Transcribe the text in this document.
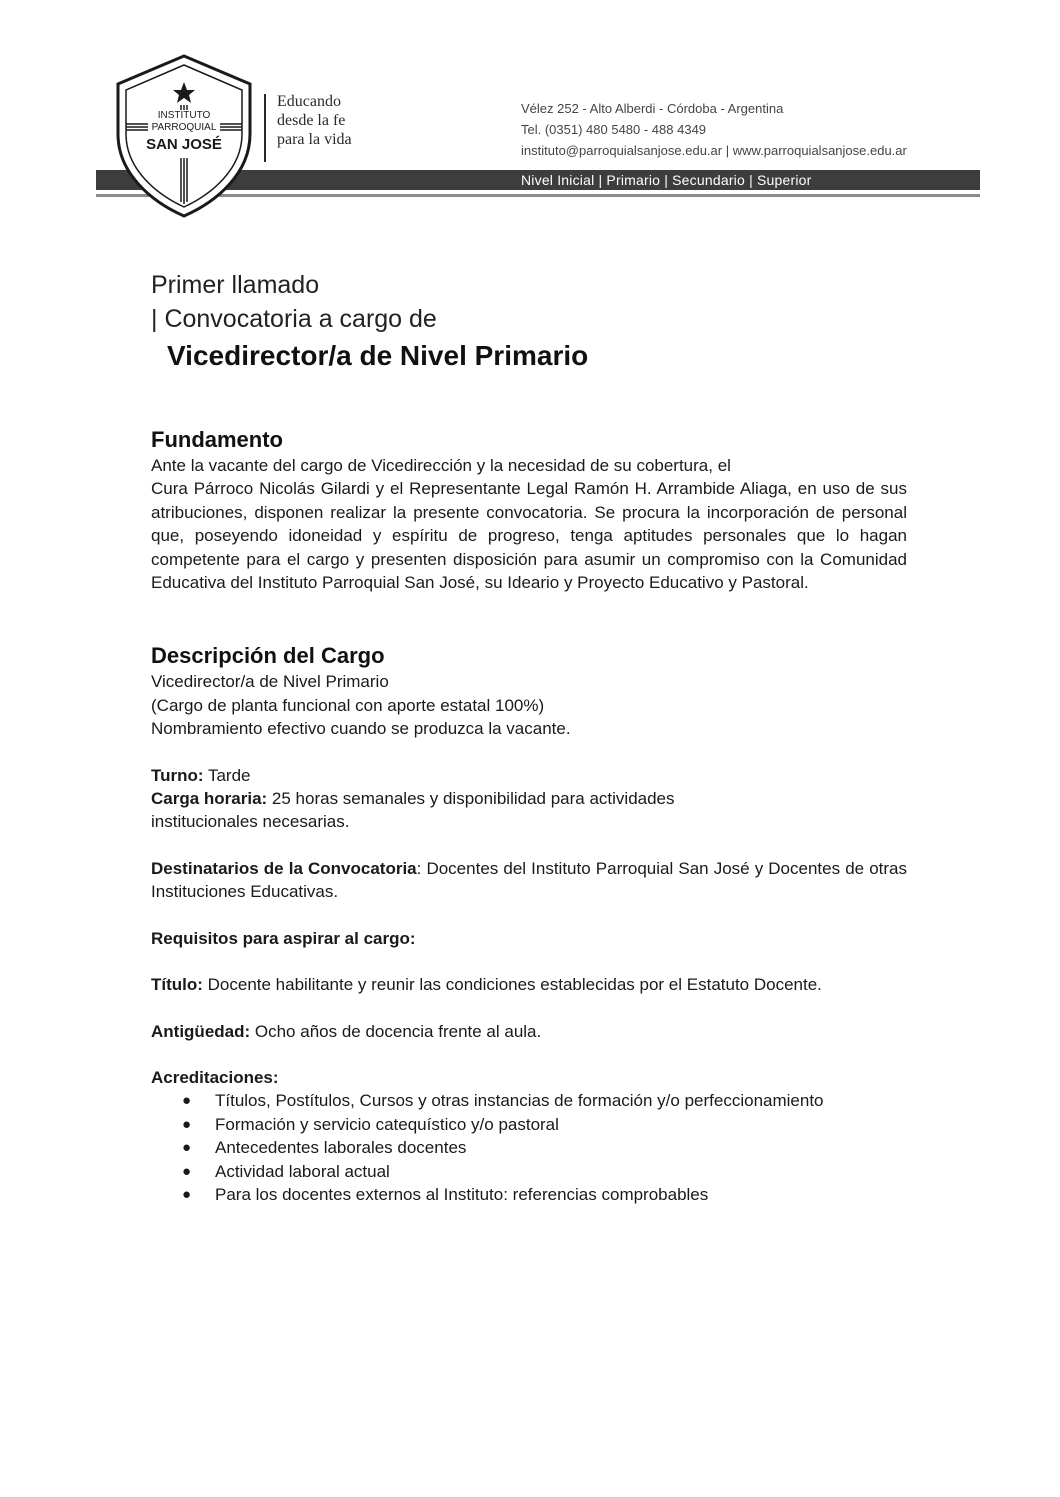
Nivel Inicial | Primario | Secundario | Superior
INSTITUTO
PARROQUIAL
SAN JOSÉ
Educando
desde la fe
para la vida
Vélez 252 - Alto Alberdi - Córdoba - Argentina
Tel. (0351) 480 5480 - 488 4349
instituto@parroquialsanjose.edu.ar | www.parroquialsanjose.edu.ar
Primer llamado
| Convocatoria a cargo de
Vicedirector/a de Nivel Primario
Fundamento
Ante la vacante del cargo de Vicedirección y la necesidad de su cobertura, el
Cura Párroco Nicolás Gilardi y el Representante Legal Ramón H. Arrambide Aliaga, en uso de sus atribuciones, disponen realizar la presente convocatoria. Se procura la incorporación de personal que, poseyendo idoneidad y espíritu de progreso, tenga aptitudes personales que lo hagan competente para el cargo y presenten disposición para asumir un compromiso con la Comunidad Educativa del Instituto Parroquial San José, su Ideario y Proyecto Educativo y Pastoral.
Descripción del Cargo
Vicedirector/a de Nivel Primario
(Cargo de planta funcional con aporte estatal 100%)
Nombramiento efectivo cuando se produzca la vacante.
Turno: Tarde
Carga horaria: 25 horas semanales y disponibilidad para actividades
institucionales necesarias.
Destinatarios de la Convocatoria: Docentes del Instituto Parroquial San José y Docentes de otras Instituciones Educativas.
Requisitos para aspirar al cargo:
Título: Docente habilitante y reunir las condiciones establecidas por el Estatuto Docente.
Antigüedad: Ocho años de docencia frente al aula.
Acreditaciones:
● Títulos, Postítulos, Cursos y otras instancias de formación y/o perfeccionamiento
● Formación y servicio catequístico y/o pastoral
● Antecedentes laborales docentes
● Actividad laboral actual
● Para los docentes externos al Instituto: referencias comprobables
